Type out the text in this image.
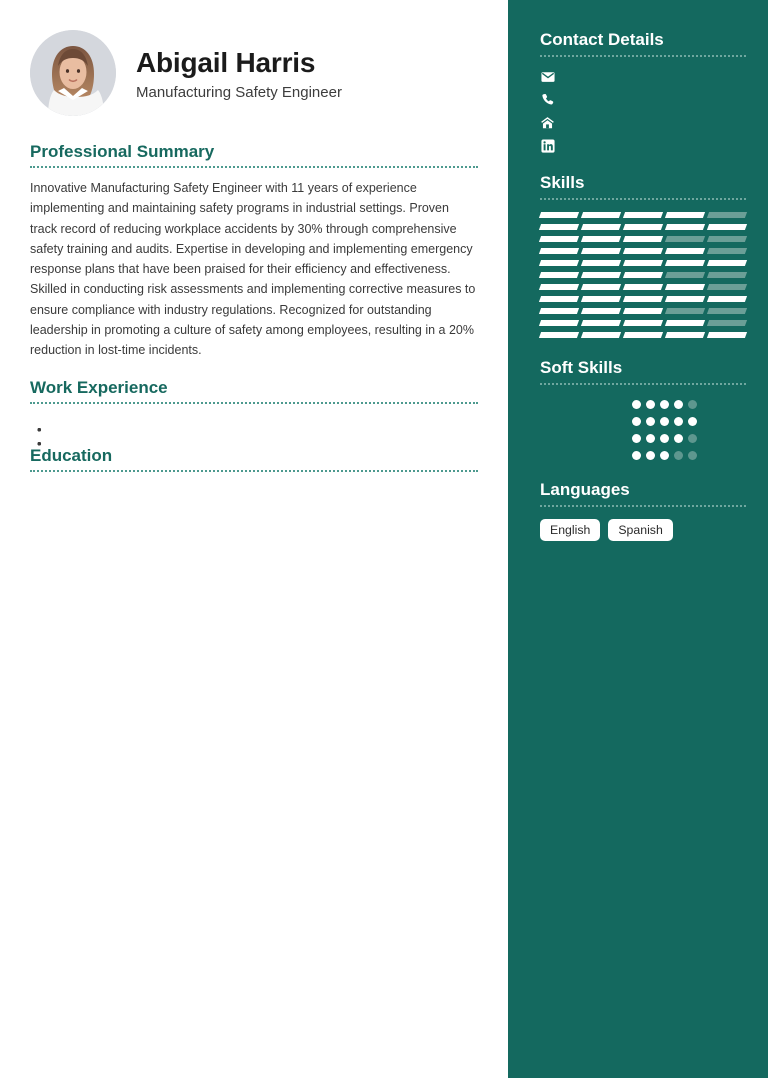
Abigail Harris
Manufacturing Safety Engineer
Professional Summary
Innovative Manufacturing Safety Engineer with 11 years of experience implementing and maintaining safety programs in industrial settings. Proven track record of reducing workplace accidents by 30% through comprehensive safety training and audits. Expertise in developing and implementing emergency response plans that have been praised for their efficiency and effectiveness. Skilled in conducting risk assessments and implementing corrective measures to ensure compliance with industry regulations. Recognized for outstanding leadership in promoting a culture of safety among employees, resulting in a 20% reduction in lost-time incidents.
Work Experience
Education
Contact Details
Skills
Soft Skills
Languages
English	Spanish
